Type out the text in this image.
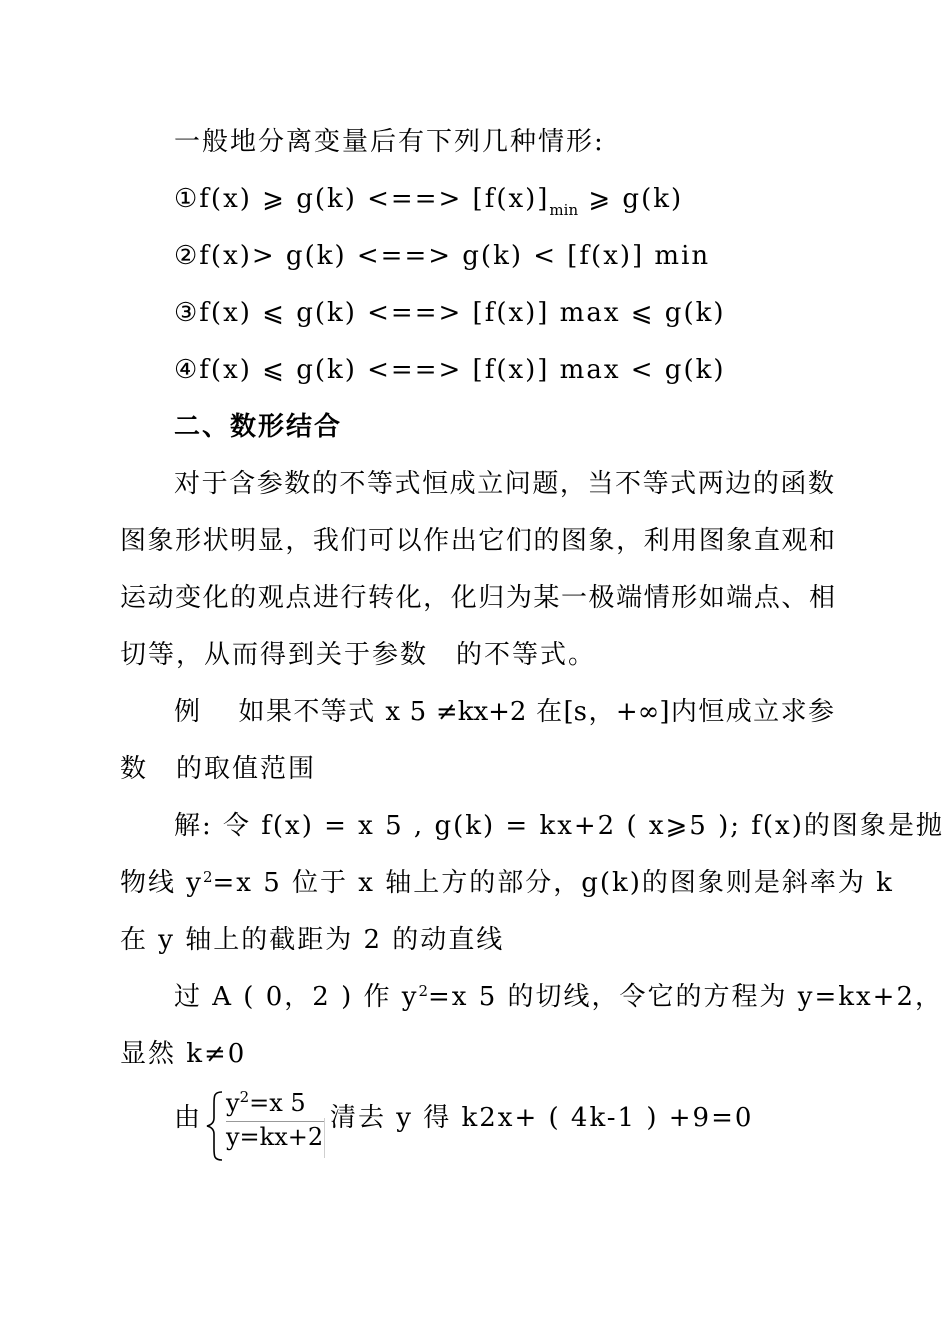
一般地分离变量后有下列几种情形:
①f(x) ⩾ g(k) <==> $[f(x)]_{min}$ ⩾ g(k)
②f(x)> g(k) <==> g(k) < [f(x)] min
③f(x) ⩽ g(k) <==> [f(x)] max ⩽ g(k)
④f(x) ⩽ g(k) <==> [f(x)] max < g(k)
二、数形结合
对于含参数的不等式恒成立问题，当不等式两边的函数
图象形状明显，我们可以作出它们的图象，利用图象直观和
运动变化的观点进行转化，化归为某一极端情形如端点、相
切等，从而得到关于参数　的不等式。
例　 如果不等式 x 5 ≠kx+2 在[s，+∞]内恒成立求参
数　的取值范围
解: 令 f(x) = x 5 , g(k) = kx+2 ( x⩾5 ); f(x)的图象是抛
物线 $y^2=x$ 5 位于 x 轴上方的部分，g(k)的图象则是斜率为 k
在 y 轴上的截距为 2 的动直线
过 A ( 0，2 ) 作 $y^2=x$ 5 的切线，令它的方程为 y=kx+2，
显然 k≠0
由 $y^2=x$ 5
y=kx+2
清去 y 得 k2x+ ( 4k-1 ) +9=0
